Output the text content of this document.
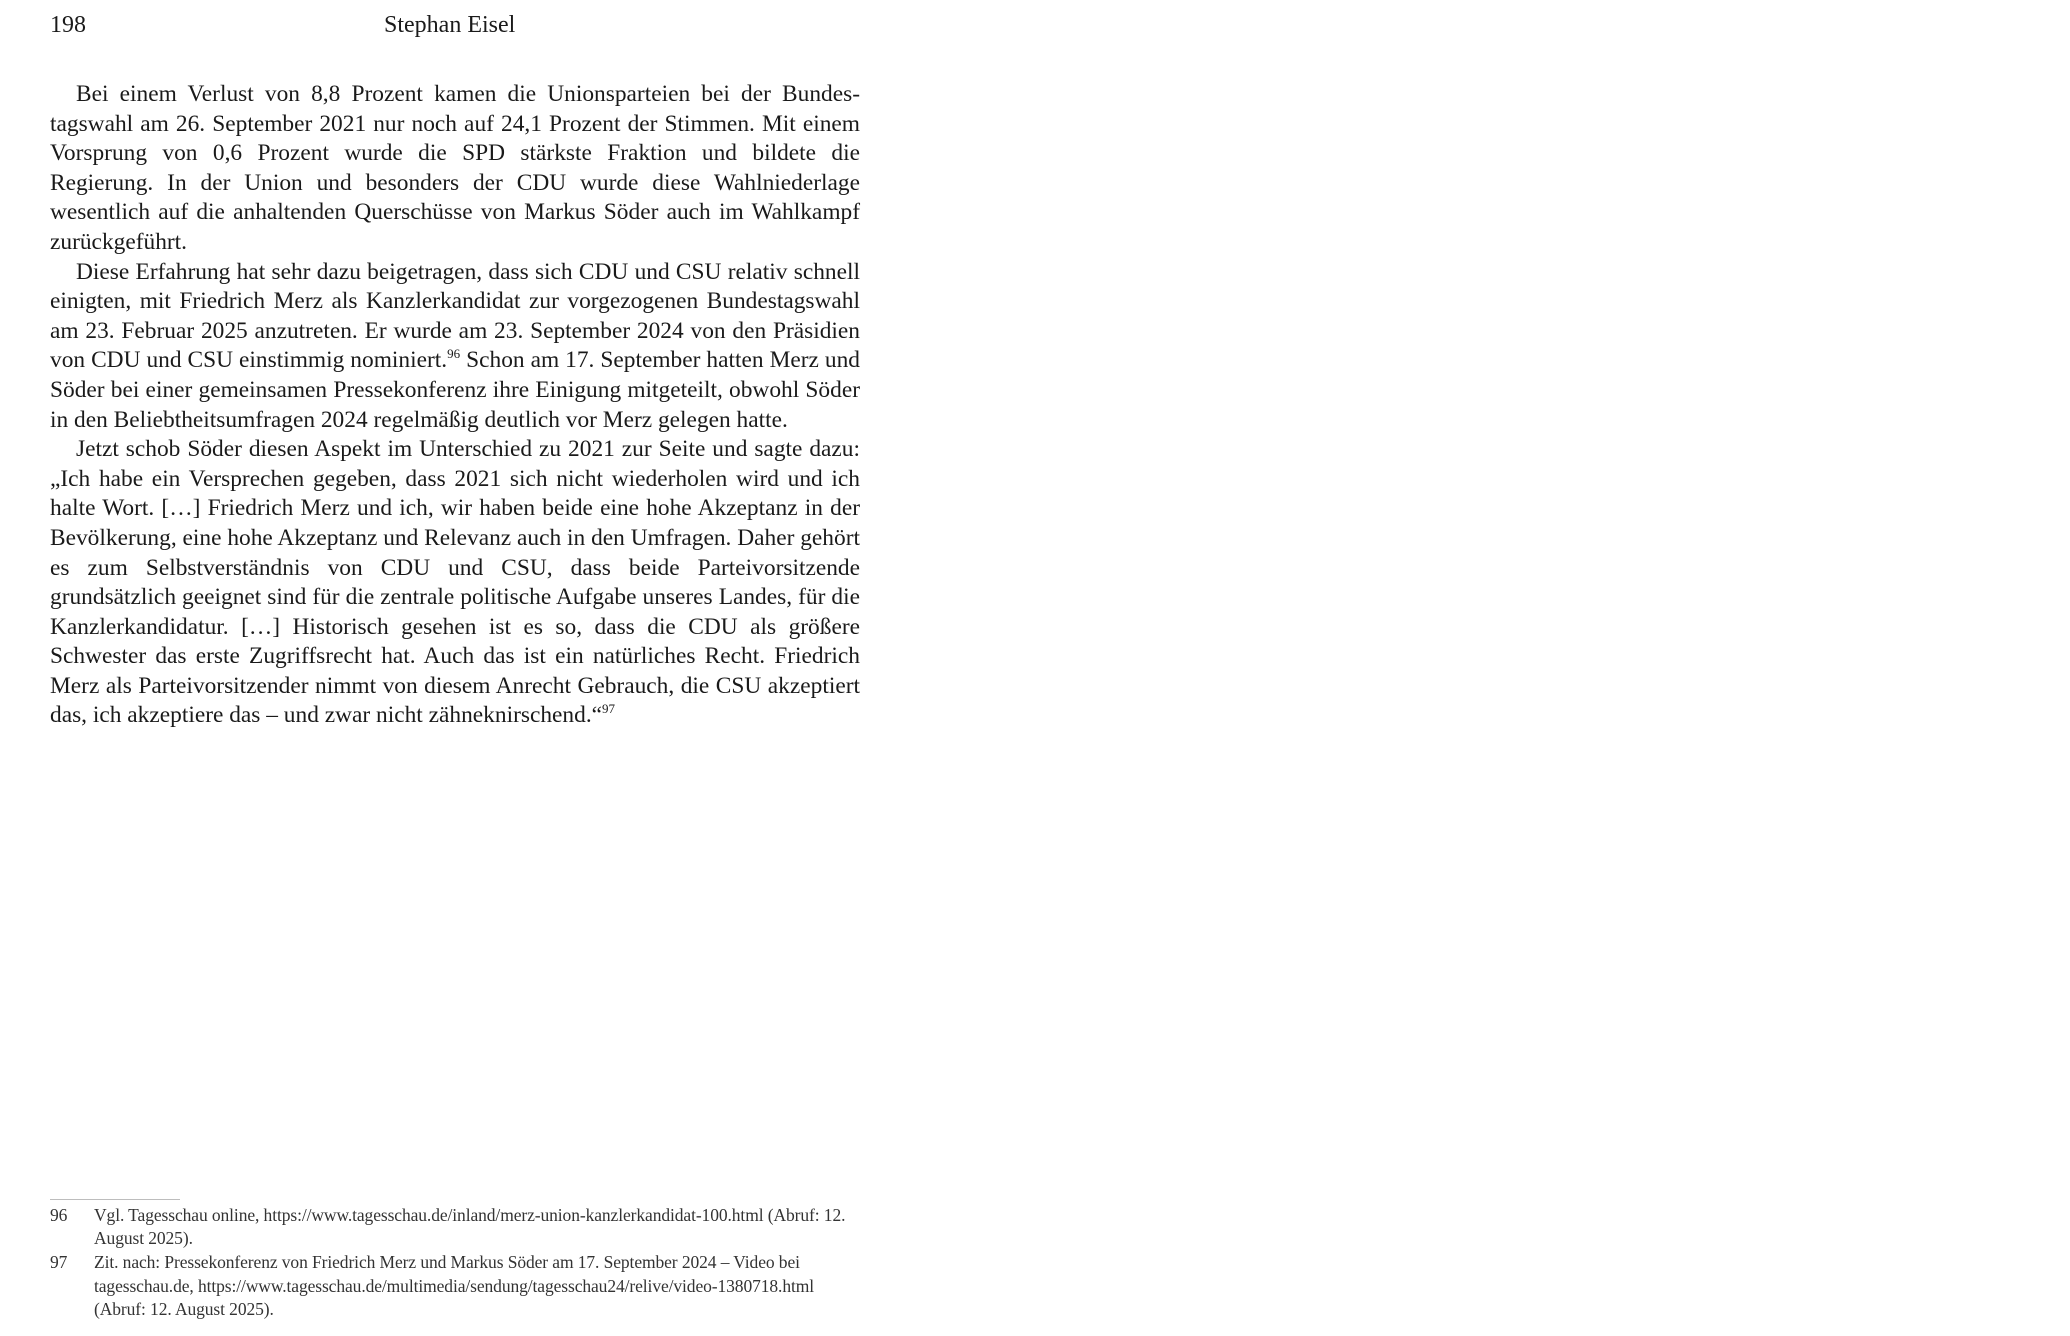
198	Stephan Eisel

Bei einem Verlust von 8,8 Prozent kamen die Unionsparteien bei der Bundestagswahl am 26. September 2021 nur noch auf 24,1 Prozent der Stimmen. Mit einem Vorsprung von 0,6 Prozent wurde die SPD stärkste Fraktion und bildete die Regierung. In der Union und besonders der CDU wurde diese Wahlniederlage wesentlich auf die anhaltenden Querschüsse von Markus Söder auch im Wahlkampf zurückgeführt.

Diese Erfahrung hat sehr dazu beigetragen, dass sich CDU und CSU relativ schnell einigten, mit Friedrich Merz als Kanzlerkandidat zur vorgezogenen Bundestagswahl am 23. Februar 2025 anzutreten. Er wurde am 23. September 2024 von den Präsidien von CDU und CSU einstimmig nominiert.$^{96}$ Schon am 17. September hatten Merz und Söder bei einer gemeinsamen Pressekonferenz ihre Einigung mitgeteilt, obwohl Söder in den Beliebtheitsumfragen 2024 regelmäßig deutlich vor Merz gelegen hatte.

Jetzt schob Söder diesen Aspekt im Unterschied zu 2021 zur Seite und sagte dazu: „Ich habe ein Versprechen gegeben, dass 2021 sich nicht wiederholen wird und ich halte Wort. […] Friedrich Merz und ich, wir haben beide eine hohe Akzeptanz in der Bevölkerung, eine hohe Akzeptanz und Relevanz auch in den Umfragen. Daher gehört es zum Selbstverständnis von CDU und CSU, dass beide Parteivorsitzende grundsätzlich geeignet sind für die zentrale politische Aufgabe unseres Landes, für die Kanzlerkandidatur. […] Historisch gesehen ist es so, dass die CDU als größere Schwester das erste Zugriffsrecht hat. Auch das ist ein natürliches Recht. Friedrich Merz als Parteivorsitzender nimmt von diesem Anrecht Gebrauch, die CSU akzeptiert das, ich akzeptiere das – und zwar nicht zähneknirschend.“$^{97}$

96 Vgl. Tagesschau online, https://www.tagesschau.de/inland/merz-union-kanzlerkandidat-100.​html (Abruf: 12. August 2025).

97 Zit. nach: Pressekonferenz von Friedrich Merz und Markus Söder am 17. September 2024 – Video bei tagesschau.de, https://www.tagesschau.de/multimedia/sendung/tagesschau24/relive/video-1380718.html (Abruf: 12. August 2025).
